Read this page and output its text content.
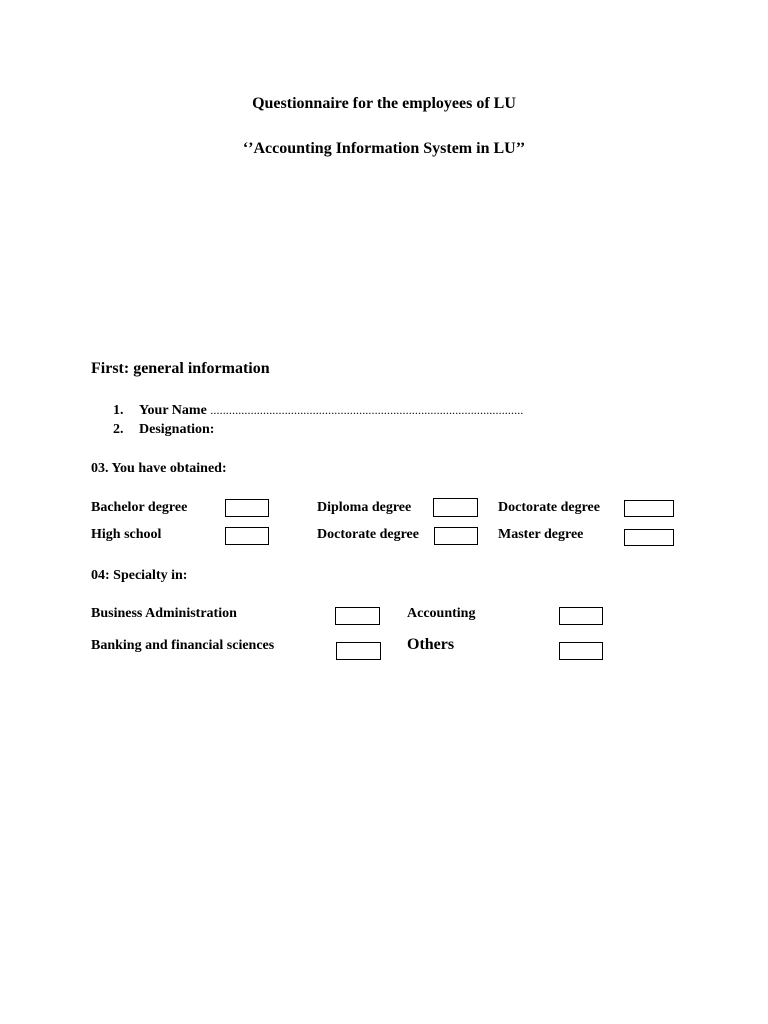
Questionnaire for the employees of LU
‘’Accounting Information System in LU’’
First: general information
1. Your Name .....................................................................................................
2. Designation:
03. You have obtained:
Bachelor degree	Diploma degree	Doctorate degree
High school	Doctorate degree	Master degree
04: Specialty in:
Business Administration	Accounting
Banking and financial sciences	Others
